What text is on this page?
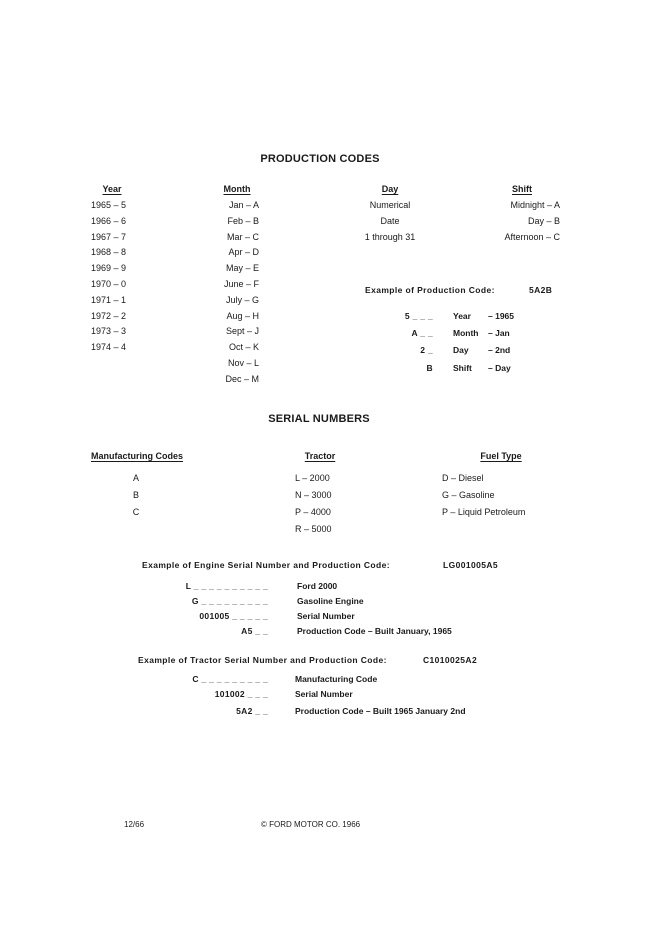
PRODUCTION CODES
Year
1965 – 5
1966 – 6
1967 – 7
1968 – 8
1969 – 9
1970 – 0
1971 – 1
1972 – 2
1973 – 3
1974 – 4
Month
Jan – A
Feb – B
Mar – C
Apr – D
May – E
June – F
July – G
Aug – H
Sept – J
Oct – K
Nov – L
Dec – M
Day
Numerical
Date
1 through 31
Shift
Midnight – A
Day – B
Afternoon – C
Example of Production Code:	5A2B
5 _ _ _ Year – 1965
A _ _ Month – Jan
2 _ Day – 2nd
B Shift – Day
SERIAL NUMBERS
Manufacturing Codes
A
B
C
Tractor
L – 2000
N – 3000
P – 4000
R – 5000
Fuel Type
D – Diesel
G – Gasoline
P – Liquid Petroleum
Example of Engine Serial Number and Production Code:	LG001005A5
L _ _ _ _ _ _ _ _ _ _	Ford 2000
G _ _ _ _ _ _ _ _ _	Gasoline Engine
001005 _ _ _ _ _	Serial Number
A5 _ _	Production Code – Built January, 1965
Example of Tractor Serial Number and Production Code:	C1010025A2
C _ _ _ _ _ _ _ _ _	Manufacturing Code
101002 _ _ _	Serial Number
5A2 _ _	Production Code – Built 1965 January 2nd
12/66	© FORD MOTOR CO. 1966
